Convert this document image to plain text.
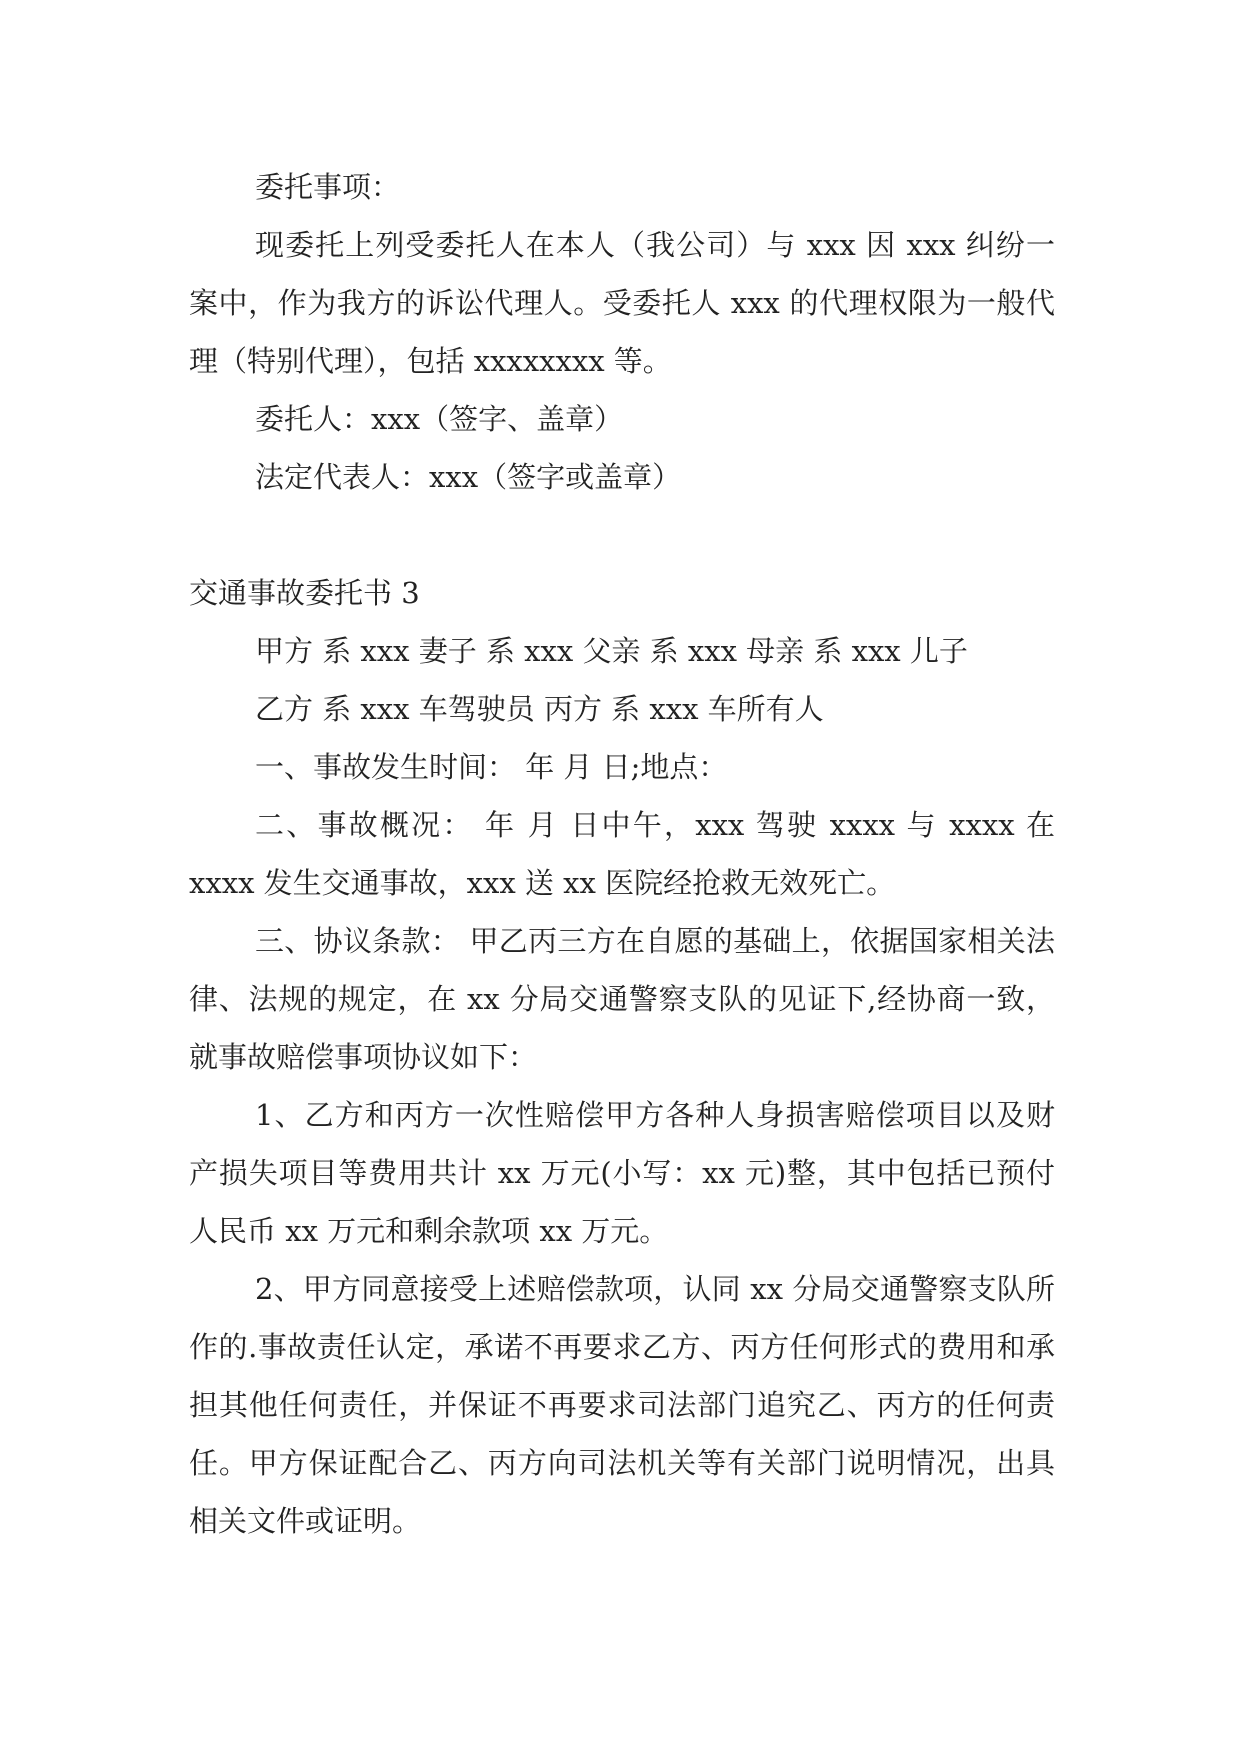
委托事项：

现委托上列受委托人在本人（我公司）与 xxx 因 xxx 纠纷一案中，作为我方的诉讼代理人。受委托人 xxx 的代理权限为一般代理（特别代理），包括 xxxxxxxx 等。

委托人：xxx（签字、盖章）

法定代表人：xxx（签字或盖章）

交通事故委托书 3

甲方 系 xxx 妻子 系 xxx 父亲 系 xxx 母亲 系 xxx 儿子

乙方 系 xxx 车驾驶员 丙方 系 xxx 车所有人

一、事故发生时间： 年 月 日;地点：

二、事故概况： 年 月 日中午，xxx 驾驶 xxxx 与 xxxx 在 xxxx 发生交通事故，xxx 送 xx 医院经抢救无效死亡。

三、协议条款： 甲乙丙三方在自愿的基础上，依据国家相关法律、法规的规定，在 xx 分局交通警察支队的见证下,经协商一致，就事故赔偿事项协议如下：

1、乙方和丙方一次性赔偿甲方各种人身损害赔偿项目以及财产损失项目等费用共计 xx 万元(小写：xx 元)整，其中包括已预付人民币 xx 万元和剩余款项 xx 万元。

2、甲方同意接受上述赔偿款项，认同 xx 分局交通警察支队所作的.事故责任认定，承诺不再要求乙方、丙方任何形式的费用和承担其他任何责任，并保证不再要求司法部门追究乙、丙方的任何责任。甲方保证配合乙、丙方向司法机关等有关部门说明情况，出具相关文件或证明。
